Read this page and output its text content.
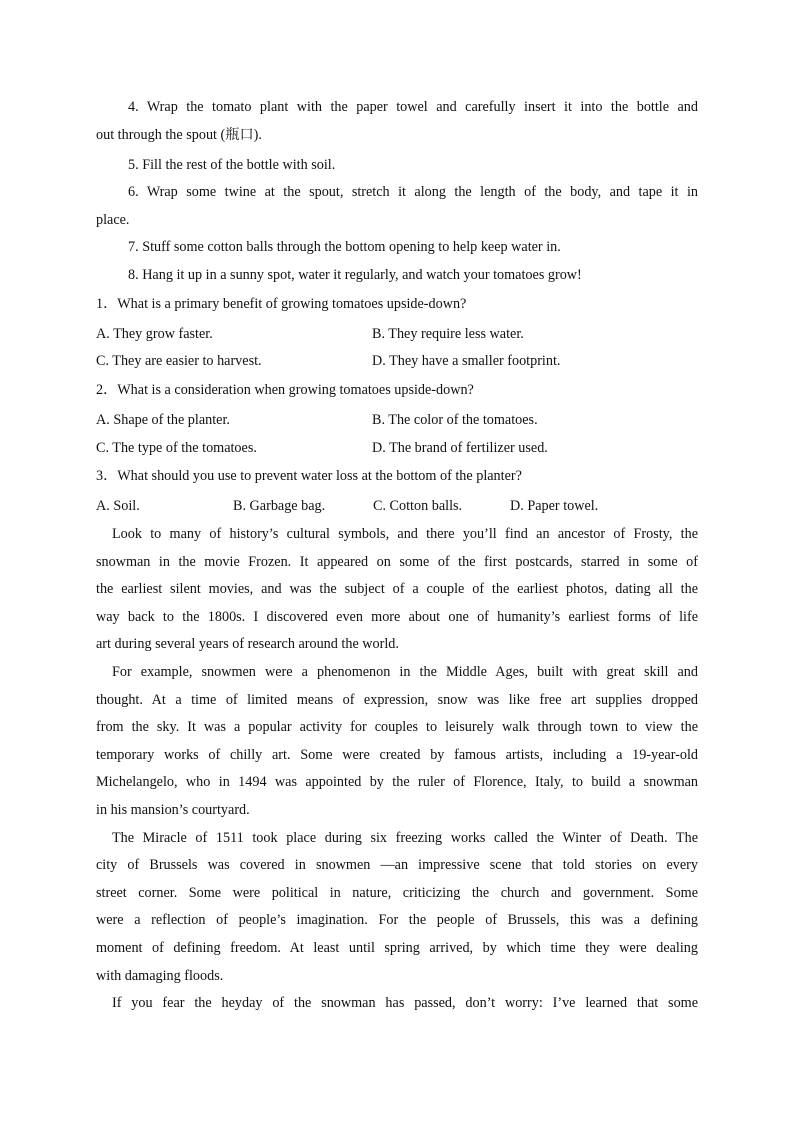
4. Wrap the tomato plant with the paper towel and carefully insert it into the bottle and
out through the spout (瓶口).
5. Fill the rest of the bottle with soil.
6. Wrap some twine at the spout, stretch it along the length of the body, and tape it in
place.
7. Stuff some cotton balls through the bottom opening to help keep water in.
8. Hang it up in a sunny spot, water it regularly, and watch your tomatoes grow!
1．What is a primary benefit of growing tomatoes upside-down?
A. They grow faster.	B. They require less water.
C. They are easier to harvest.	D. They have a smaller footprint.
2．What is a consideration when growing tomatoes upside-down?
A. Shape of the planter.	B. The color of the tomatoes.
C. The type of the tomatoes.	D. The brand of fertilizer used.
3．What should you use to prevent water loss at the bottom of the planter?
A. Soil.	B. Garbage bag.	C. Cotton balls.	D. Paper towel.
Look to many of history’s cultural symbols, and there you’ll find an ancestor of Frosty, the
snowman in the movie Frozen. It appeared on some of the first postcards, starred in some of
the earliest silent movies, and was the subject of a couple of the earliest photos, dating all the
way back to the 1800s. I discovered even more about one of humanity’s earliest forms of life
art during several years of research around the world.
For example, snowmen were a phenomenon in the Middle Ages, built with great skill and
thought. At a time of limited means of expression, snow was like free art supplies dropped
from the sky. It was a popular activity for couples to leisurely walk through town to view the
temporary works of chilly art. Some were created by famous artists, including a 19-year-old
Michelangelo, who in 1494 was appointed by the ruler of Florence, Italy, to build a snowman
in his mansion’s courtyard.
The Miracle of 1511 took place during six freezing works called the Winter of Death. The
city of Brussels was covered in snowmen —an impressive scene that told stories on every
street corner. Some were political in nature, criticizing the church and government. Some
were a reflection of people’s imagination. For the people of Brussels, this was a defining
moment of defining freedom. At least until spring arrived, by which time they were dealing
with damaging floods.
If you fear the heyday of the snowman has passed, don’t worry: I’ve learned that some
